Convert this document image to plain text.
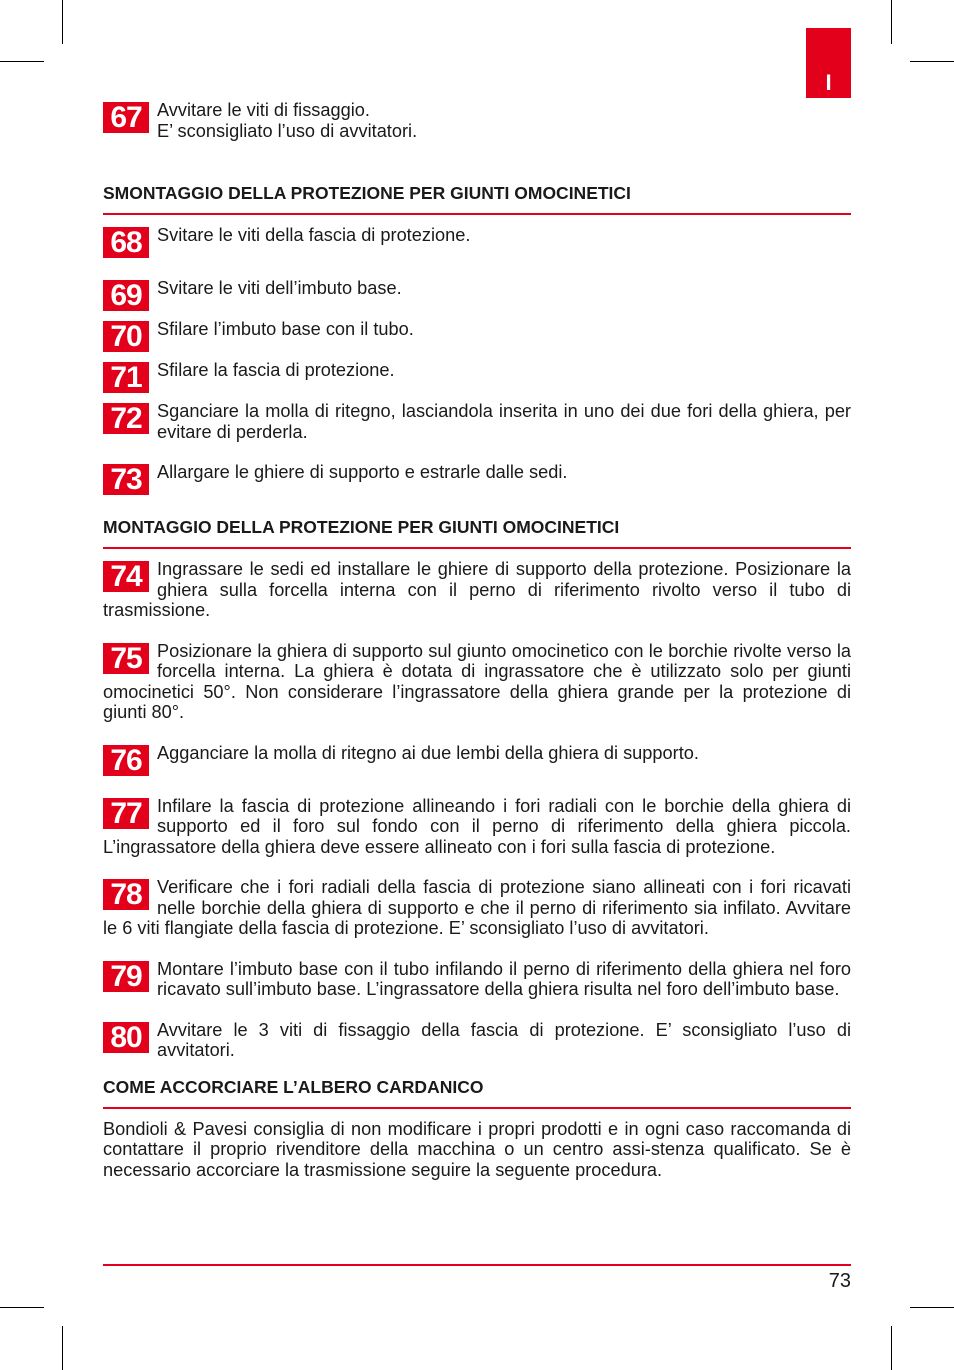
I
67 Avvitare le viti di fissaggio.
E’ sconsigliato l’uso di avvitatori.
SMONTAGGIO DELLA PROTEZIONE PER GIUNTI OMOCINETICI
68 Svitare le viti della fascia di protezione.
69 Svitare le viti dell’imbuto base.
70 Sfilare l’imbuto base con il tubo.
71 Sfilare la fascia di protezione.
72 Sganciare la molla di ritegno, lasciandola inserita in uno dei due fori della ghiera, per evitare di perderla.
73 Allargare le ghiere di supporto e estrarle dalle sedi.
MONTAGGIO DELLA PROTEZIONE PER GIUNTI OMOCINETICI
74 Ingrassare le sedi ed installare le ghiere di supporto della protezione. Posizionare la ghiera sulla forcella interna con il perno di riferimento rivolto verso il tubo di trasmissione.
75 Posizionare la ghiera di supporto sul giunto omocinetico con le borchie rivolte verso la forcella interna. La ghiera è dotata di ingrassatore che è utilizzato solo per giunti omocinetici 50°. Non considerare l’ingrassatore della ghiera grande per la protezione di giunti 80°.
76 Agganciare la molla di ritegno ai due lembi della ghiera di supporto.
77 Infilare la fascia di protezione allineando i fori radiali con le borchie della ghiera di supporto ed il foro sul fondo con il perno di riferimento della ghiera piccola. L’ingrassatore della ghiera deve essere allineato con i fori sulla fascia di protezione.
78 Verificare che i fori radiali della fascia di protezione siano allineati con i fori ricavati nelle borchie della ghiera di supporto e che il perno di riferimento sia infilato. Avvitare le 6 viti flangiate della fascia di protezione. E’ sconsigliato l’uso di avvitatori.
79 Montare l’imbuto base con il tubo infilando il perno di riferimento della ghiera nel foro ricavato sull’imbuto base. L’ingrassatore della ghiera risulta nel foro dell’imbuto base.
80 Avvitare le 3 viti di fissaggio della fascia di protezione. E’ sconsigliato l’uso di avvitatori.
COME ACCORCIARE L’ALBERO CARDANICO
Bondioli & Pavesi consiglia di non modificare i propri prodotti e in ogni caso raccomanda di contattare il proprio rivenditore della macchina o un centro assi-stenza qualificato. Se è necessario accorciare la trasmissione seguire la seguente procedura.
73
